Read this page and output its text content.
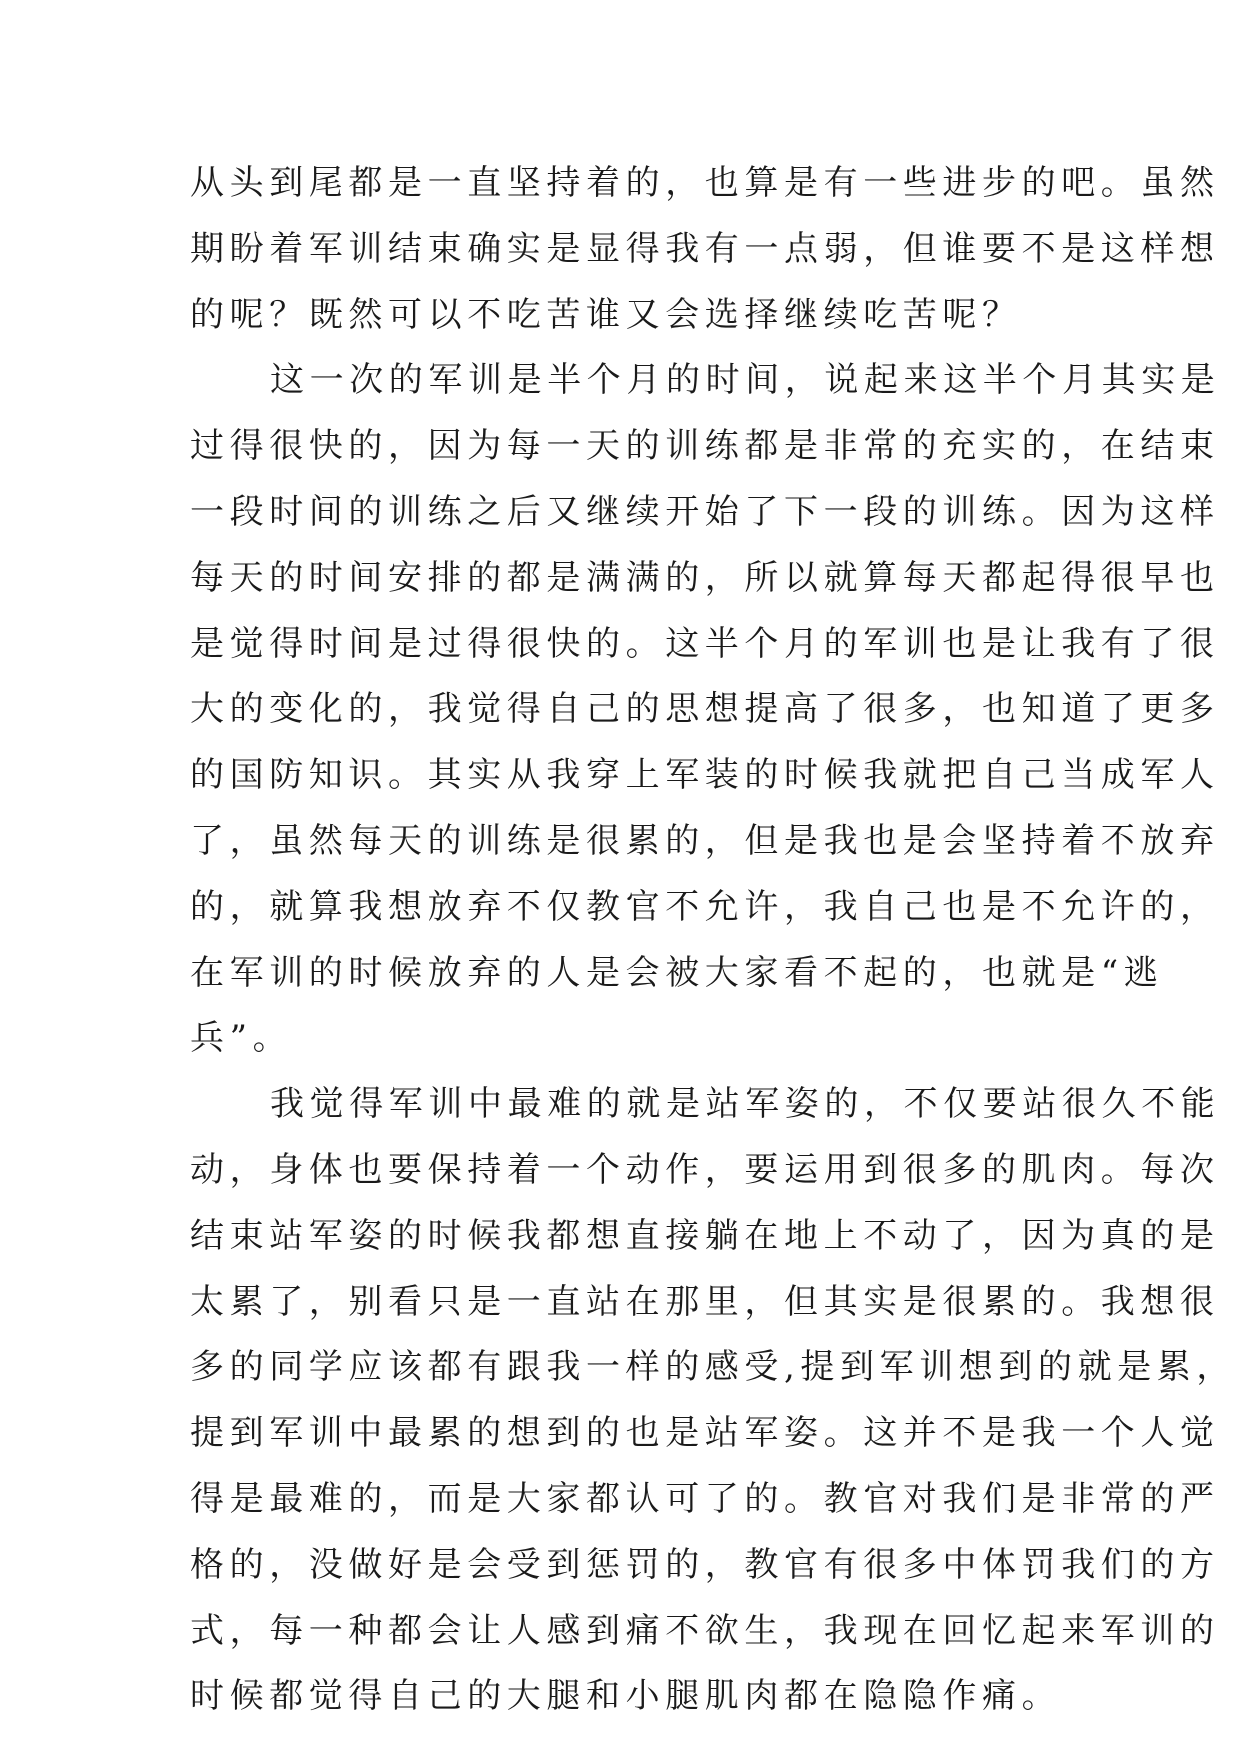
从头到尾都是一直坚持着的，也算是有一些进步的吧。虽然
期盼着军训结束确实是显得我有一点弱，但谁要不是这样想
的呢？既然可以不吃苦谁又会选择继续吃苦呢？
这一次的军训是半个月的时间，说起来这半个月其实是
过得很快的，因为每一天的训练都是非常的充实的，在结束
一段时间的训练之后又继续开始了下一段的训练。因为这样
每天的时间安排的都是满满的，所以就算每天都起得很早也
是觉得时间是过得很快的。这半个月的军训也是让我有了很
大的变化的，我觉得自己的思想提高了很多，也知道了更多
的国防知识。其实从我穿上军装的时候我就把自己当成军人
了，虽然每天的训练是很累的，但是我也是会坚持着不放弃
的，就算我想放弃不仅教官不允许，我自己也是不允许的，
在军训的时候放弃的人是会被大家看不起的，也就是“逃
兵”。
我觉得军训中最难的就是站军姿的，不仅要站很久不能
动，身体也要保持着一个动作，要运用到很多的肌肉。每次
结束站军姿的时候我都想直接躺在地上不动了，因为真的是
太累了，别看只是一直站在那里，但其实是很累的。我想很
多的同学应该都有跟我一样的感受,提到军训想到的就是累，
提到军训中最累的想到的也是站军姿。这并不是我一个人觉
得是最难的，而是大家都认可了的。教官对我们是非常的严
格的，没做好是会受到惩罚的，教官有很多中体罚我们的方
式，每一种都会让人感到痛不欲生，我现在回忆起来军训的
时候都觉得自己的大腿和小腿肌肉都在隐隐作痛。
